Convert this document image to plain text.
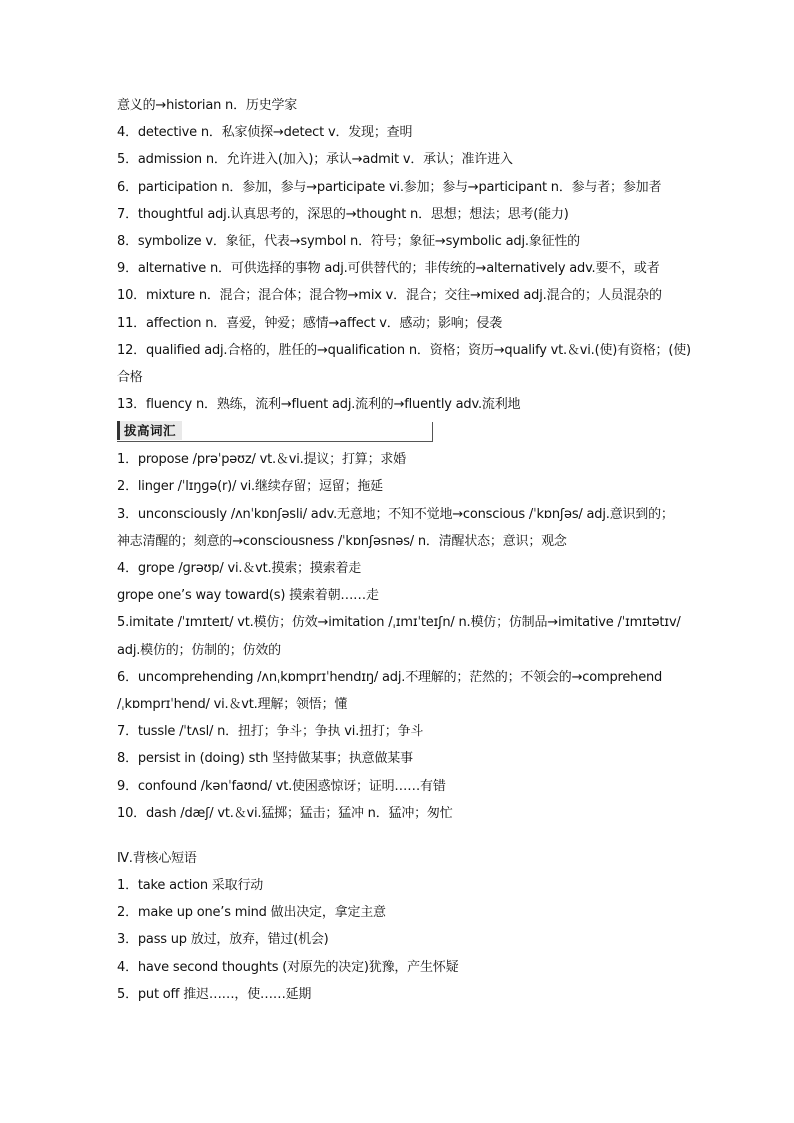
意义的→historian n．历史学家
4．detective n．私家侦探→detect v．发现；查明
5．admission n．允许进入(加入)；承认→admit v．承认；准许进入
6．participation n．参加，参与→participate vi.参加；参与→participant n．参与者；参加者
7．thoughtful adj.认真思考的，深思的→thought n．思想；想法；思考(能力)
8．symbolize v．象征，代表→symbol n．符号；象征→symbolic adj.象征性的
9．alternative n．可供选择的事物 adj.可供替代的；非传统的→alternatively adv.要不，或者
10．mixture n．混合；混合体；混合物→mix v．混合；交往→mixed adj.混合的；人员混杂的
11．affection n．喜爱，钟爱；感情→affect v．感动；影响；侵袭
12．qualified adj.合格的，胜任的→qualification n．资格；资历→qualify vt.＆vi.(使)有资格；(使)
合格
13．fluency n．熟练，流利→fluent adj.流利的→fluently adv.流利地
拔高词汇
1．propose /prəˈpəʊz/ vt.＆vi.提议；打算；求婚
2．linger /ˈlɪŋɡə(r)/ vi.继续存留；逗留；拖延
3．unconsciously /ʌnˈkɒnʃəsli/ adv.无意地；不知不觉地→conscious /ˈkɒnʃəs/ adj.意识到的；
神志清醒的；刻意的→consciousness /ˈkɒnʃəsnəs/ n．清醒状态；意识；观念
4．grope /ɡrəʊp/ vi.＆vt.摸索；摸索着走
grope one’s way toward(s) 摸索着朝……走
5.imitate /ˈɪmɪteɪt/ vt.模仿；仿效→imitation /ˌɪmɪˈteɪʃn/ n.模仿；仿制品→imitative /ˈɪmɪtətɪv/
adj.模仿的；仿制的；仿效的
6．uncomprehending /ʌnˌkɒmprɪˈhendɪŋ/ adj.不理解的；茫然的；不领会的→comprehend
/ˌkɒmprɪˈhend/ vi.＆vt.理解；领悟；懂
7．tussle /ˈtʌsl/ n．扭打；争斗；争执 vi.扭打；争斗
8．persist in (doing) sth 坚持做某事；执意做某事
9．confound /kənˈfaʊnd/ vt.使困惑惊讶；证明……有错
10．dash /dæʃ/ vt.＆vi.猛掷；猛击；猛冲 n．猛冲；匆忙
Ⅳ.背核心短语
1．take action 采取行动
2．make up one’s mind 做出决定，拿定主意
3．pass up 放过，放弃，错过(机会)
4．have second thoughts (对原先的决定)犹豫，产生怀疑
5．put off 推迟……，使……延期
